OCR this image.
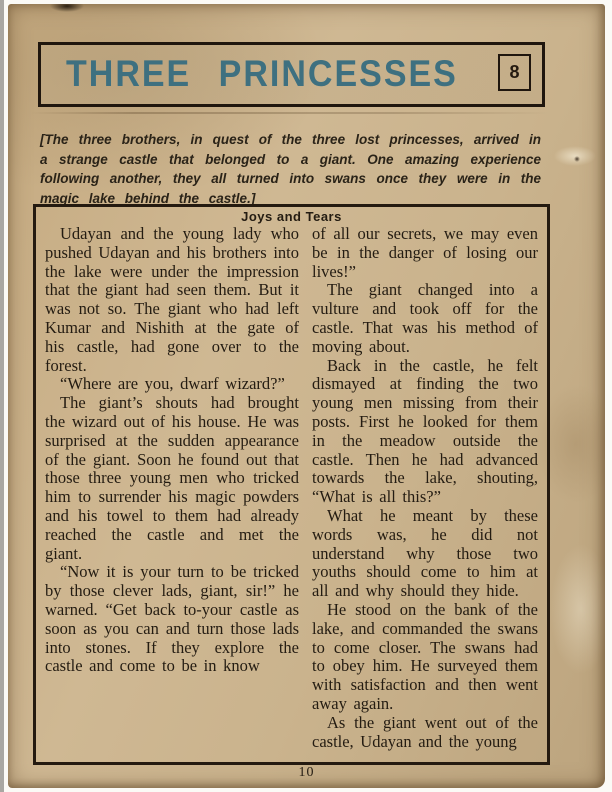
THREE PRINCESSES	8
[The three brothers, in quest of the three lost princesses, arrived in a strange castle that belonged to a giant. One amazing experience following another, they all turned into swans once they were in the magic lake behind the castle.]
Joys and Tears

Udayan and the young lady who pushed Udayan and his brothers into the lake were under the impression that the giant had seen them. But it was not so. The giant who had left Kumar and Nishith at the gate of his castle, had gone over to the forest.

“Where are you, dwarf wizard?”

The giant’s shouts had brought the wizard out of his house. He was surprised at the sudden appearance of the giant. Soon he found out that those three young men who tricked him to surrender his magic powders and his towel to them had already reached the castle and met the giant.

“Now it is your turn to be tricked by those clever lads, giant, sir!” he warned. “Get back to-your castle as soon as you can and turn those lads into stones. If they explore the castle and come to be in know

of all our secrets, we may even be in the danger of losing our lives!”

The giant changed into a vulture and took off for the castle. That was his method of moving about.

Back in the castle, he felt dismayed at finding the two young men missing from their posts. First he looked for them in the meadow outside the castle. Then he had advanced towards the lake, shouting, “What is all this?”

What he meant by these words was, he did not understand why those two youths should come to him at all and why should they hide.

He stood on the bank of the lake, and commanded the swans to come closer. The swans had to obey him. He surveyed them with satisfaction and then went away again.

As the giant went out of the castle, Udayan and the young

10
